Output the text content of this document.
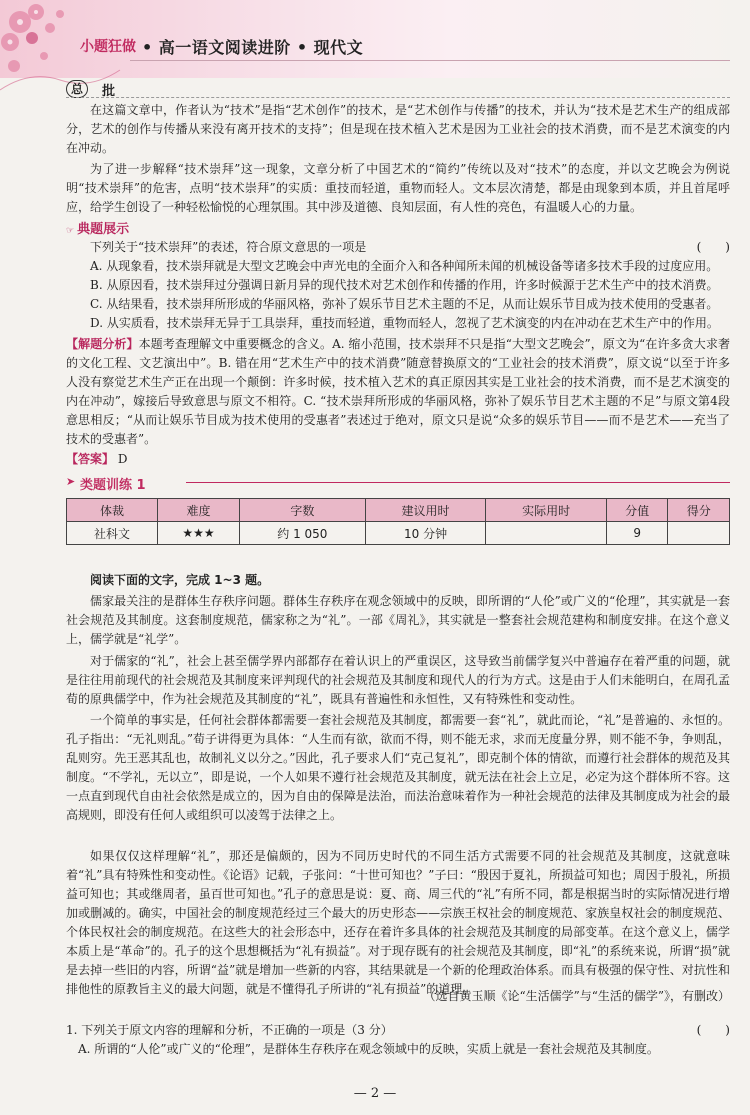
小题狂做 • 高一语文阅读进阶 • 现代文
总	批
在这篇文章中，作者认为“技术”是指“艺术创作”的技术，是“艺术创作与传播”的技术，并认为“技术是艺术生产的组成部分，艺术的创作与传播从来没有离开技术的支持”；但是现在技术植入艺术是因为工业社会的技术消费，而不是艺术演变的内在冲动。
为了进一步解释“技术崇拜”这一现象，文章分析了中国艺术的“简约”传统以及对“技术”的态度，并以文艺晚会为例说明“技术崇拜”的危害，点明“技术崇拜”的实质：重技而轻道，重物而轻人。文本层次清楚，都是由现象到本质，并且首尾呼应，给学生创设了一种轻松愉悦的心理氛围。其中涉及道德、良知层面，有人性的亮色，有温暖人心的力量。
☞ 典题展示
下列关于“技术崇拜”的表述，符合原文意思的一项是	(　　)
A. 从现象看，技术崇拜就是大型文艺晚会中声光电的全面介入和各种闻所未闻的机械设备等诸多技术手段的过度应用。
B. 从原因看，技术崇拜过分强调日新月异的现代技术对艺术创作和传播的作用，许多时候源于艺术生产中的技术消费。
C. 从结果看，技术崇拜所形成的华丽风格，弥补了娱乐节目艺术主题的不足，从而让娱乐节目成为技术使用的受惠者。
D. 从实质看，技术崇拜无异于工具崇拜，重技而轻道，重物而轻人，忽视了艺术演变的内在冲动在艺术生产中的作用。
【解题分析】本题考查理解文中重要概念的含义。A. 缩小范围，技术崇拜不只是指“大型文艺晚会”，原文为“在许多贪大求奢的文化工程、文艺演出中”。B. 错在用“艺术生产中的技术消费”随意替换原文的“工业社会的技术消费”，原文说“以至于许多人没有察觉艺术生产正在出现一个颠倒：许多时候，技术植入艺术的真正原因其实是工业社会的技术消费，而不是艺术演变的内在冲动”，嫁接后导致意思与原文不相符。C. “技术崇拜所形成的华丽风格，弥补了娱乐节目艺术主题的不足”与原文第4段意思相反；“从而让娱乐节目成为技术使用的受惠者”表述过于绝对，原文只是说“众多的娱乐节目——而不是艺术——充当了技术的受惠者”。
【答案】 D
➤ 类题训练 1
体裁	难度	字数	建议用时	实际用时	分值	得分
社科文	★★★	约 1 050	10 分钟		9	
阅读下面的文字，完成 1~3 题。
儒家最关注的是群体生存秩序问题。群体生存秩序在观念领域中的反映，即所谓的“人伦”或广义的“伦理”，其实就是一套社会规范及其制度。这套制度规范，儒家称之为“礼”。一部《周礼》，其实就是一整套社会规范建构和制度安排。在这个意义上，儒学就是“礼学”。
对于儒家的“礼”，社会上甚至儒学界内部都存在着认识上的严重误区，这导致当前儒学复兴中普遍存在着严重的问题，就是往往用前现代的社会规范及其制度来评判现代的社会规范及其制度和现代人的行为方式。这是由于人们未能明白，在周孔孟荀的原典儒学中，作为社会规范及其制度的“礼”，既具有普遍性和永恒性，又有特殊性和变动性。
一个简单的事实是，任何社会群体都需要一套社会规范及其制度，都需要一套“礼”，就此而论，“礼”是普遍的、永恒的。孔子指出：“无礼则乱。”荀子讲得更为具体：“人生而有欲，欲而不得，则不能无求，求而无度量分界，则不能不争，争则乱，乱则穷。先王恶其乱也，故制礼义以分之。”因此，孔子要求人们“克己复礼”，即克制个体的情欲，而遵行社会群体的规范及其制度。“不学礼，无以立”，即是说，一个人如果不遵行社会规范及其制度，就无法在社会上立足，必定为这个群体所不容。这一点直到现代自由社会依然是成立的，因为自由的保障是法治，而法治意味着作为一种社会规范的法律及其制度成为社会的最高规则，即没有任何人或组织可以凌驾于法律之上。
如果仅仅这样理解“礼”，那还是偏颇的，因为不同历史时代的不同生活方式需要不同的社会规范及其制度，这就意味着“礼”具有特殊性和变动性。《论语》记载，子张问：“十世可知也？”子曰：“殷因于夏礼，所损益可知也；周因于殷礼，所损益可知也；其或继周者，虽百世可知也。”孔子的意思是说：夏、商、周三代的“礼”有所不同，都是根据当时的实际情况进行增加或删减的。确实，中国社会的制度规范经过三个最大的历史形态——宗族王权社会的制度规范、家族皇权社会的制度规范、个体民权社会的制度规范。在这些大的社会形态中，还存在着许多具体的社会规范及其制度的局部变革。在这个意义上，儒学本质上是“革命”的。孔子的这个思想概括为“礼有损益”。对于现存既有的社会规范及其制度，即“礼”的系统来说，所谓“损”就是去掉一些旧的内容，所谓“益”就是增加一些新的内容，其结果就是一个新的伦理政治体系。而具有极强的保守性、对抗性和排他性的原教旨主义的最大问题，就是不懂得孔子所讲的“礼有损益”的道理。
（选自黄玉顺《论“生活儒学”与“生活的儒学”》，有删改）
1. 下列关于原文内容的理解和分析，不正确的一项是（3 分）	(　　)
A. 所谓的“人伦”或广义的“伦理”，是群体生存秩序在观念领域中的反映，实质上就是一套社会规范及其制度。
— 2 —
